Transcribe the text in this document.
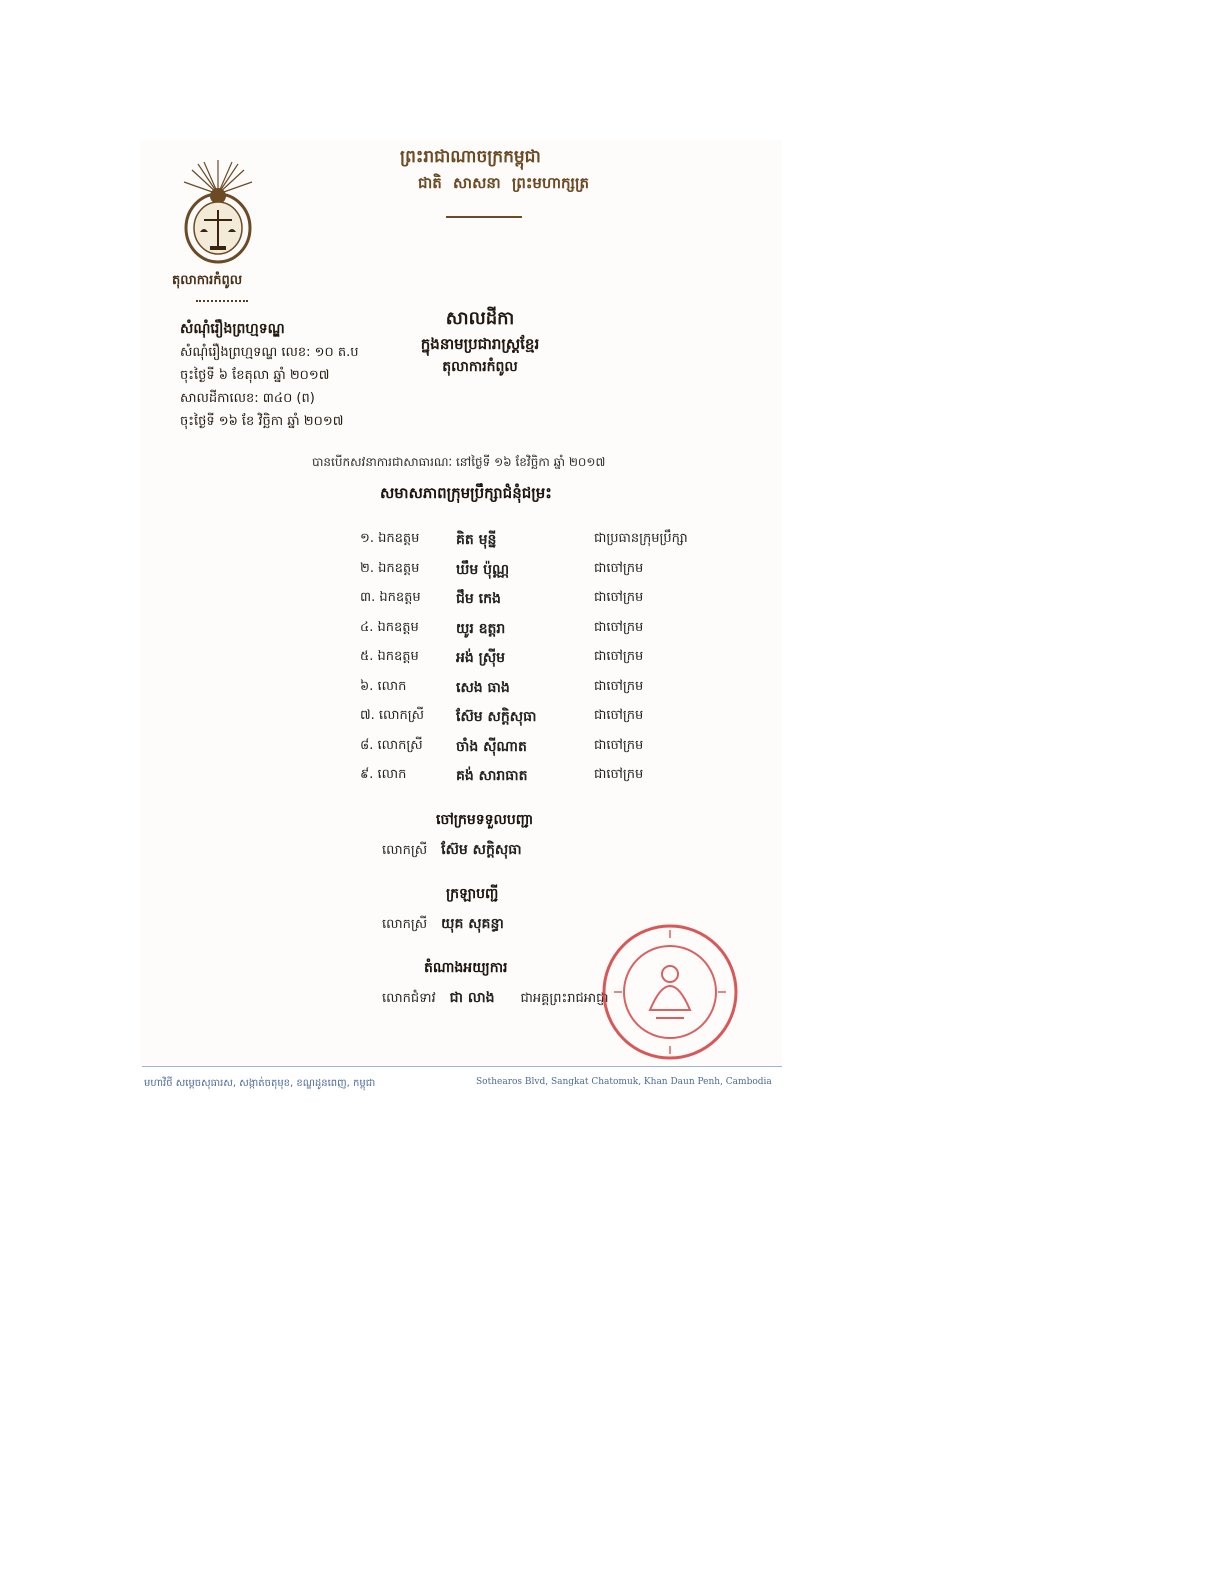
តុលាការកំពូល
ព្រះរាជាណាចក្រកម្ពុជា
ជាតិ សាសនា ព្រះមហាក្សត្រ
សំណុំរឿងព្រហ្មទណ្ឌ
សំណុំរឿងព្រហ្មទណ្ឌ លេខ: ១០ ត.ប
ចុះថ្ងៃទី ៦ ខែតុលា ឆ្នាំ ២០១៧
សាលដីកាលេខ: ៣៤០ (ព)
ចុះថ្ងៃទី ១៦ ខែ វិច្ឆិកា ឆ្នាំ ២០១៧
សាលដីកា
ក្នុងនាមប្រជារាស្ត្រខ្មែរ
តុលាការកំពូល
បានបើកសវនាការជាសាធារណៈ នៅថ្ងៃទី ១៦ ខែវិច្ឆិកា ឆ្នាំ ២០១៧
សមាសភាពក្រុមប្រឹក្សាជំនុំជម្រះ
១. ឯកឧត្តម	គិត មុន្នី	ជាប្រធានក្រុមប្រឹក្សា
២. ឯកឧត្តម	ឃឹម ប៉ុណ្ណ	ជាចៅក្រម
៣. ឯកឧត្តម	ជឹម កេង	ជាចៅក្រម
៤. ឯកឧត្តម	យូរ ឧត្តរា	ជាចៅក្រម
៥. ឯកឧត្តម	អង់ ស្រ៊ីម	ជាចៅក្រម
៦. លោក	សេង ធាង	ជាចៅក្រម
៧. លោកស្រី ស៊ែម សក្តិសុធា	ជាចៅក្រម
៨. លោកស្រី ចាំង ស៊ីណាត	ជាចៅក្រម
៩. លោក	គង់ សារាធាត	ជាចៅក្រម
ចៅក្រមទទួលបញ្ជា
លោកស្រី ស៊ែម សក្តិសុធា
ក្រឡាបញ្ជី
លោកស្រី យុគ សុគន្ធា
តំណាងអយ្យការ
លោកជំទាវ ជា លាង ជាអគ្គព្រះរាជអាជ្ញា
មហាវិថី សម្តេចសុធារស, សង្កាត់ចតុមុខ, ខណ្ឌដូនពេញ, កម្ពុជា	Sothearos Blvd, Sangkat Chatomuk, Khan Daun Penh, Cambodia
